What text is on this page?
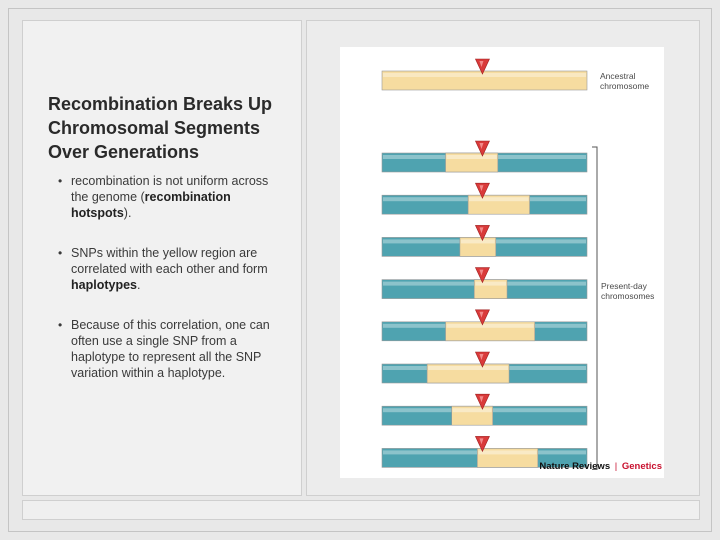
Recombination Breaks Up Chromosomal Segments Over Generations
• recombination is not uniform across the genome (recombination hotspots).
• SNPs within the yellow region are correlated with each other and form haplotypes.
• Because of this correlation, one can often use a single SNP from a haplotype to represent all the SNP variation within a haplotype.
Ancestral chromosome
Present-day chromosomes
Nature Reviews | Genetics
